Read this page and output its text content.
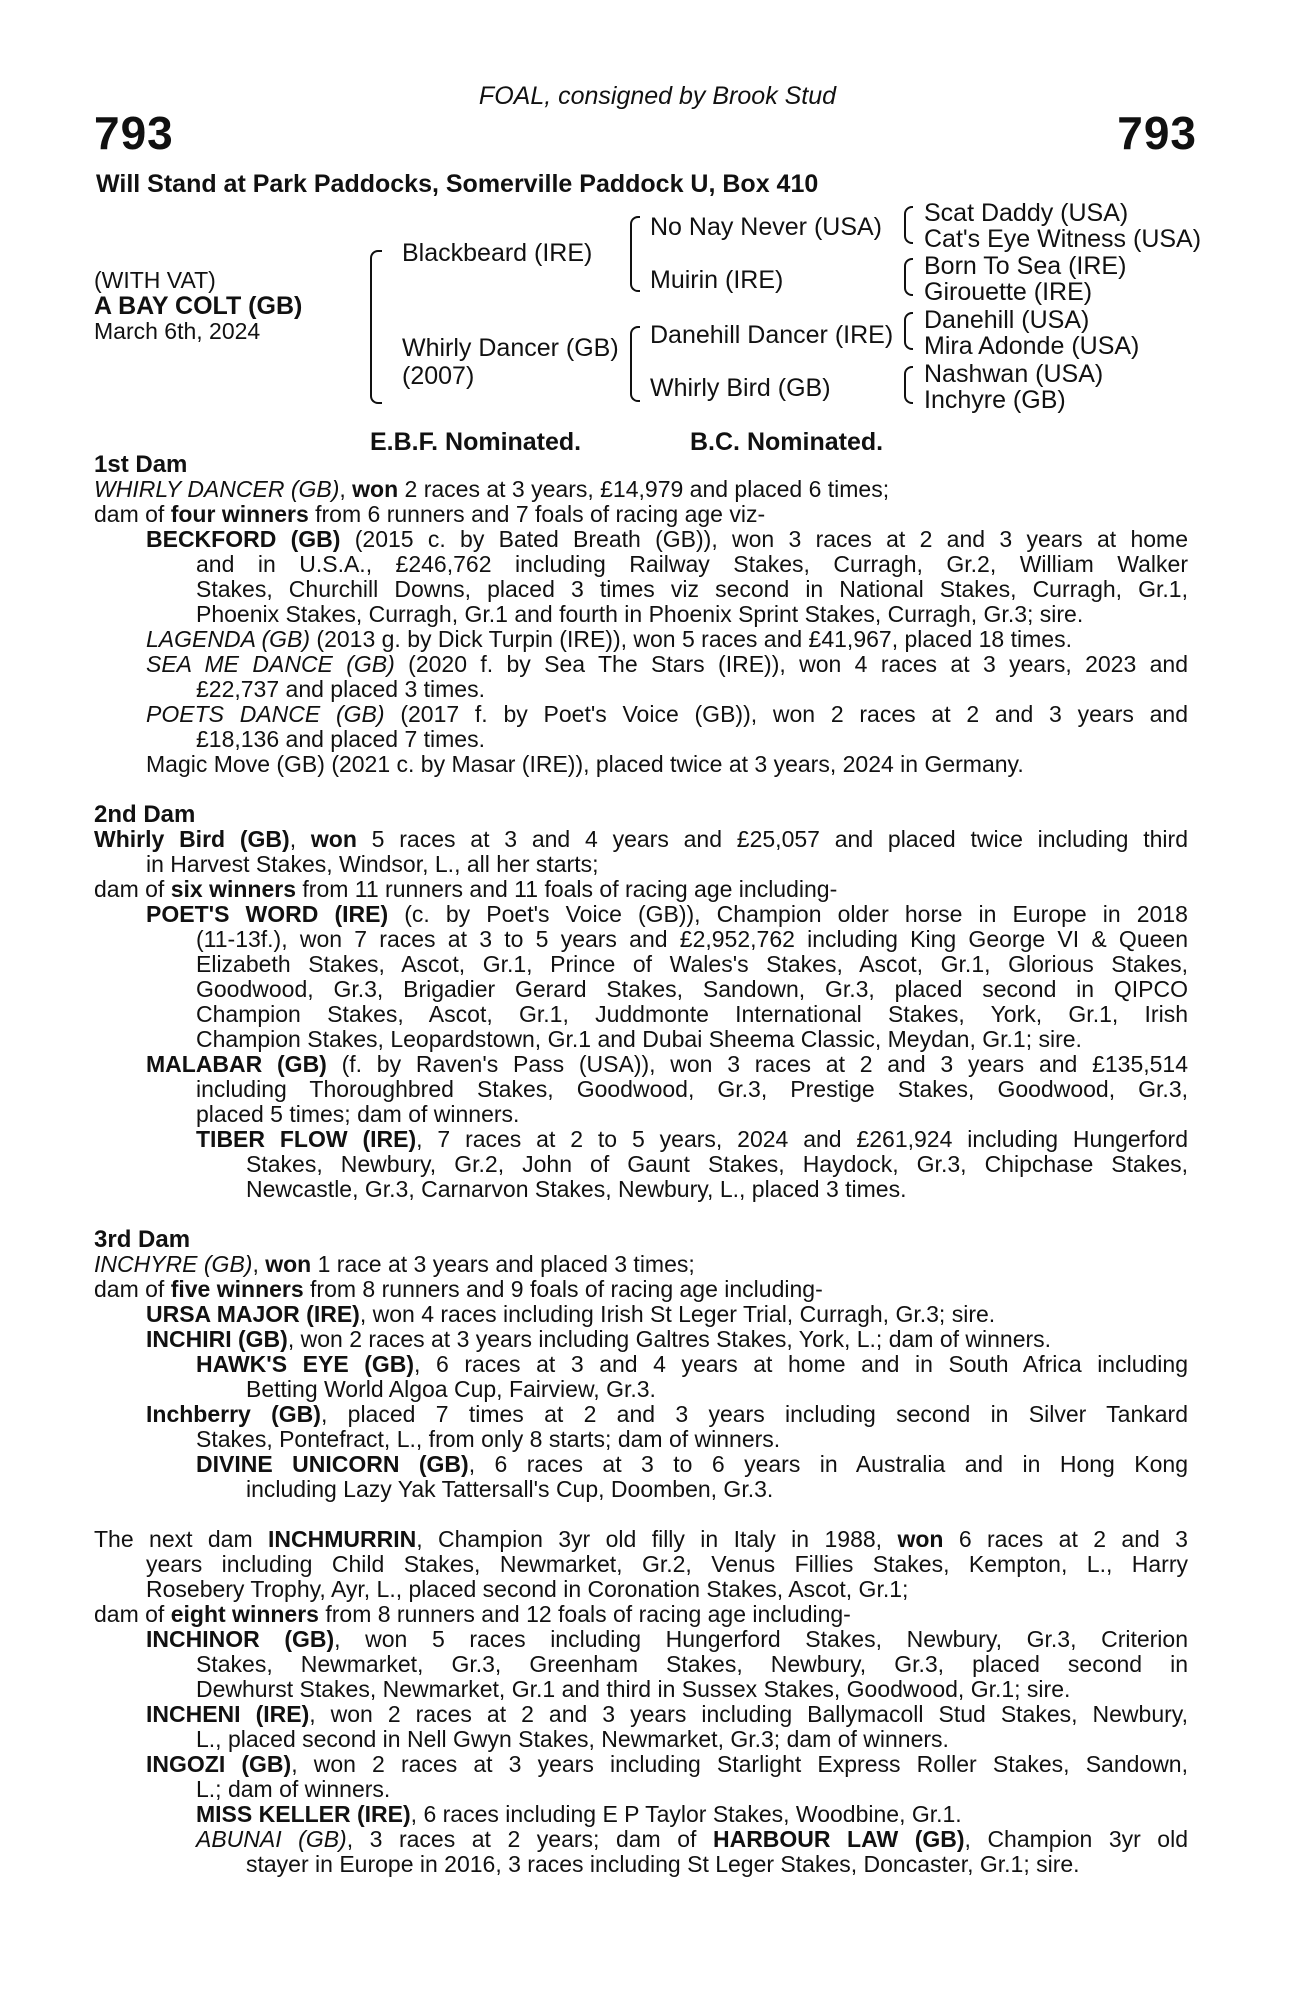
FOAL, consigned by Brook Stud
793	793
Will Stand at Park Paddocks, Somerville Paddock U, Box 410
(WITH VAT)
A BAY COLT (GB)
March 6th, 2024
Blackbeard (IRE)
Whirly Dancer (GB)
(2007)
No Nay Never (USA)
Muirin (IRE)
Danehill Dancer (IRE)
Whirly Bird (GB)
Scat Daddy (USA)
Cat's Eye Witness (USA)
Born To Sea (IRE)
Girouette (IRE)
Danehill (USA)
Mira Adonde (USA)
Nashwan (USA)
Inchyre (GB)
E.B.F. Nominated.	B.C. Nominated.
1st Dam
WHIRLY DANCER (GB), won 2 races at 3 years, £14,979 and placed 6 times;
dam of four winners from 6 runners and 7 foals of racing age viz-
BECKFORD (GB) (2015 c. by Bated Breath (GB)), won 3 races at 2 and 3 years at home
and in U.S.A., £246,762 including Railway Stakes, Curragh, Gr.2, William Walker
Stakes, Churchill Downs, placed 3 times viz second in National Stakes, Curragh, Gr.1,
Phoenix Stakes, Curragh, Gr.1 and fourth in Phoenix Sprint Stakes, Curragh, Gr.3; sire.
LAGENDA (GB) (2013 g. by Dick Turpin (IRE)), won 5 races and £41,967, placed 18 times.
SEA ME DANCE (GB) (2020 f. by Sea The Stars (IRE)), won 4 races at 3 years, 2023 and
£22,737 and placed 3 times.
POETS DANCE (GB) (2017 f. by Poet's Voice (GB)), won 2 races at 2 and 3 years and
£18,136 and placed 7 times.
Magic Move (GB) (2021 c. by Masar (IRE)), placed twice at 3 years, 2024 in Germany.
2nd Dam
Whirly Bird (GB), won 5 races at 3 and 4 years and £25,057 and placed twice including third
in Harvest Stakes, Windsor, L., all her starts;
dam of six winners from 11 runners and 11 foals of racing age including-
POET'S WORD (IRE) (c. by Poet's Voice (GB)), Champion older horse in Europe in 2018
(11-13f.), won 7 races at 3 to 5 years and £2,952,762 including King George VI & Queen
Elizabeth Stakes, Ascot, Gr.1, Prince of Wales's Stakes, Ascot, Gr.1, Glorious Stakes,
Goodwood, Gr.3, Brigadier Gerard Stakes, Sandown, Gr.3, placed second in QIPCO
Champion Stakes, Ascot, Gr.1, Juddmonte International Stakes, York, Gr.1, Irish
Champion Stakes, Leopardstown, Gr.1 and Dubai Sheema Classic, Meydan, Gr.1; sire.
MALABAR (GB) (f. by Raven's Pass (USA)), won 3 races at 2 and 3 years and £135,514
including Thoroughbred Stakes, Goodwood, Gr.3, Prestige Stakes, Goodwood, Gr.3,
placed 5 times; dam of winners.
TIBER FLOW (IRE), 7 races at 2 to 5 years, 2024 and £261,924 including Hungerford
Stakes, Newbury, Gr.2, John of Gaunt Stakes, Haydock, Gr.3, Chipchase Stakes,
Newcastle, Gr.3, Carnarvon Stakes, Newbury, L., placed 3 times.
3rd Dam
INCHYRE (GB), won 1 race at 3 years and placed 3 times;
dam of five winners from 8 runners and 9 foals of racing age including-
URSA MAJOR (IRE), won 4 races including Irish St Leger Trial, Curragh, Gr.3; sire.
INCHIRI (GB), won 2 races at 3 years including Galtres Stakes, York, L.; dam of winners.
HAWK'S EYE (GB), 6 races at 3 and 4 years at home and in South Africa including
Betting World Algoa Cup, Fairview, Gr.3.
Inchberry (GB), placed 7 times at 2 and 3 years including second in Silver Tankard
Stakes, Pontefract, L., from only 8 starts; dam of winners.
DIVINE UNICORN (GB), 6 races at 3 to 6 years in Australia and in Hong Kong
including Lazy Yak Tattersall's Cup, Doomben, Gr.3.
The next dam INCHMURRIN, Champion 3yr old filly in Italy in 1988, won 6 races at 2 and 3
years including Child Stakes, Newmarket, Gr.2, Venus Fillies Stakes, Kempton, L., Harry
Rosebery Trophy, Ayr, L., placed second in Coronation Stakes, Ascot, Gr.1;
dam of eight winners from 8 runners and 12 foals of racing age including-
INCHINOR (GB), won 5 races including Hungerford Stakes, Newbury, Gr.3, Criterion
Stakes, Newmarket, Gr.3, Greenham Stakes, Newbury, Gr.3, placed second in
Dewhurst Stakes, Newmarket, Gr.1 and third in Sussex Stakes, Goodwood, Gr.1; sire.
INCHENI (IRE), won 2 races at 2 and 3 years including Ballymacoll Stud Stakes, Newbury,
L., placed second in Nell Gwyn Stakes, Newmarket, Gr.3; dam of winners.
INGOZI (GB), won 2 races at 3 years including Starlight Express Roller Stakes, Sandown,
L.; dam of winners.
MISS KELLER (IRE), 6 races including E P Taylor Stakes, Woodbine, Gr.1.
ABUNAI (GB), 3 races at 2 years; dam of HARBOUR LAW (GB), Champion 3yr old
stayer in Europe in 2016, 3 races including St Leger Stakes, Doncaster, Gr.1; sire.
